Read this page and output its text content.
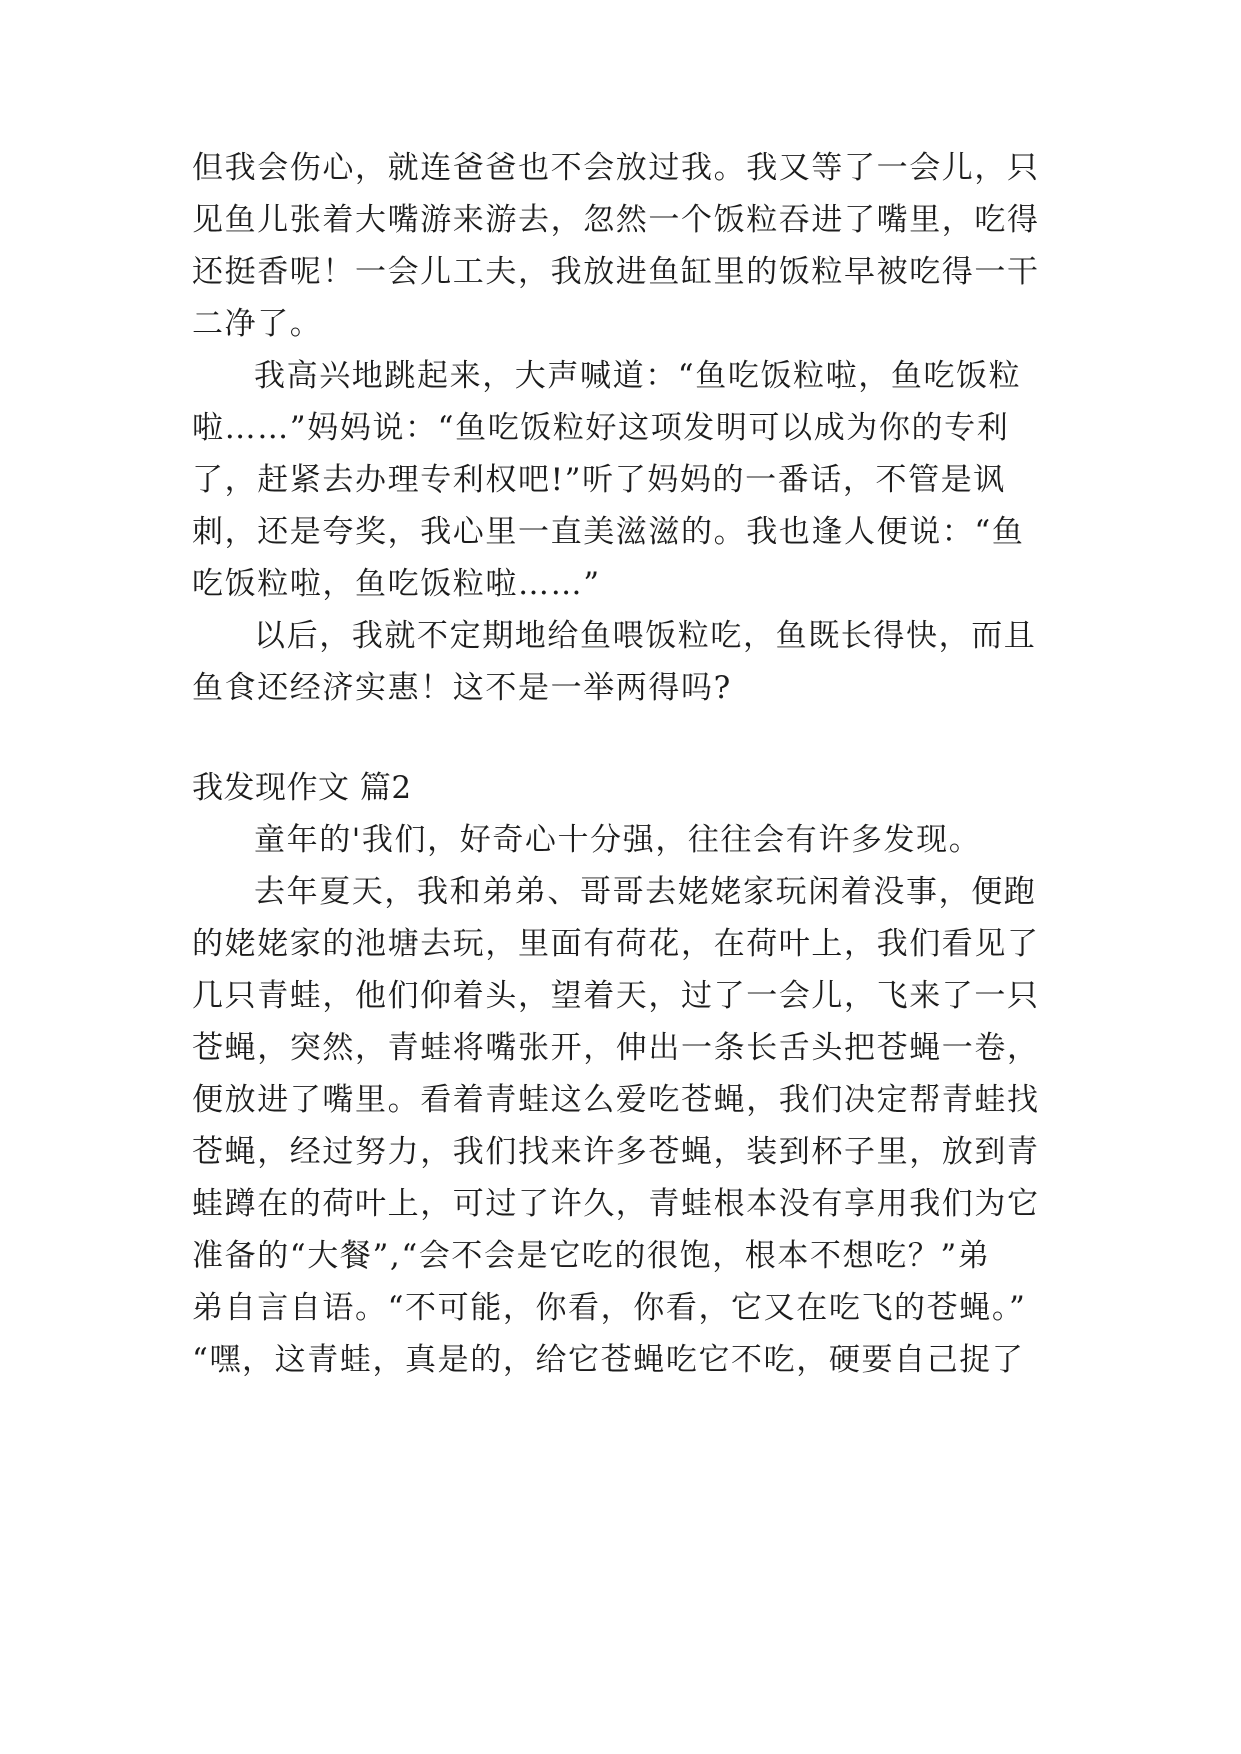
但我会伤心，就连爸爸也不会放过我。我又等了一会儿，只
见鱼儿张着大嘴游来游去，忽然一个饭粒吞进了嘴里，吃得
还挺香呢！一会儿工夫，我放进鱼缸里的饭粒早被吃得一干
二净了。
我高兴地跳起来，大声喊道：“鱼吃饭粒啦，鱼吃饭粒
啦……”妈妈说：“鱼吃饭粒好这项发明可以成为你的专利
了，赶紧去办理专利权吧!”听了妈妈的一番话，不管是讽
刺，还是夸奖，我心里一直美滋滋的。我也逢人便说：“鱼
吃饭粒啦，鱼吃饭粒啦……”
以后，我就不定期地给鱼喂饭粒吃，鱼既长得快，而且
鱼食还经济实惠！这不是一举两得吗?
我发现作文 篇2
童年的'我们，好奇心十分强，往往会有许多发现。
去年夏天，我和弟弟、哥哥去姥姥家玩闲着没事，便跑
的姥姥家的池塘去玩，里面有荷花，在荷叶上，我们看见了
几只青蛙，他们仰着头，望着天，过了一会儿，飞来了一只
苍蝇，突然，青蛙将嘴张开，伸出一条长舌头把苍蝇一卷，
便放进了嘴里。看着青蛙这么爱吃苍蝇，我们决定帮青蛙找
苍蝇，经过努力，我们找来许多苍蝇，装到杯子里，放到青
蛙蹲在的荷叶上，可过了许久，青蛙根本没有享用我们为它
准备的“大餐”,“会不会是它吃的很饱，根本不想吃？”弟
弟自言自语。“不可能，你看，你看，它又在吃飞的苍蝇。”
“嘿，这青蛙，真是的，给它苍蝇吃它不吃，硬要自己捉了
